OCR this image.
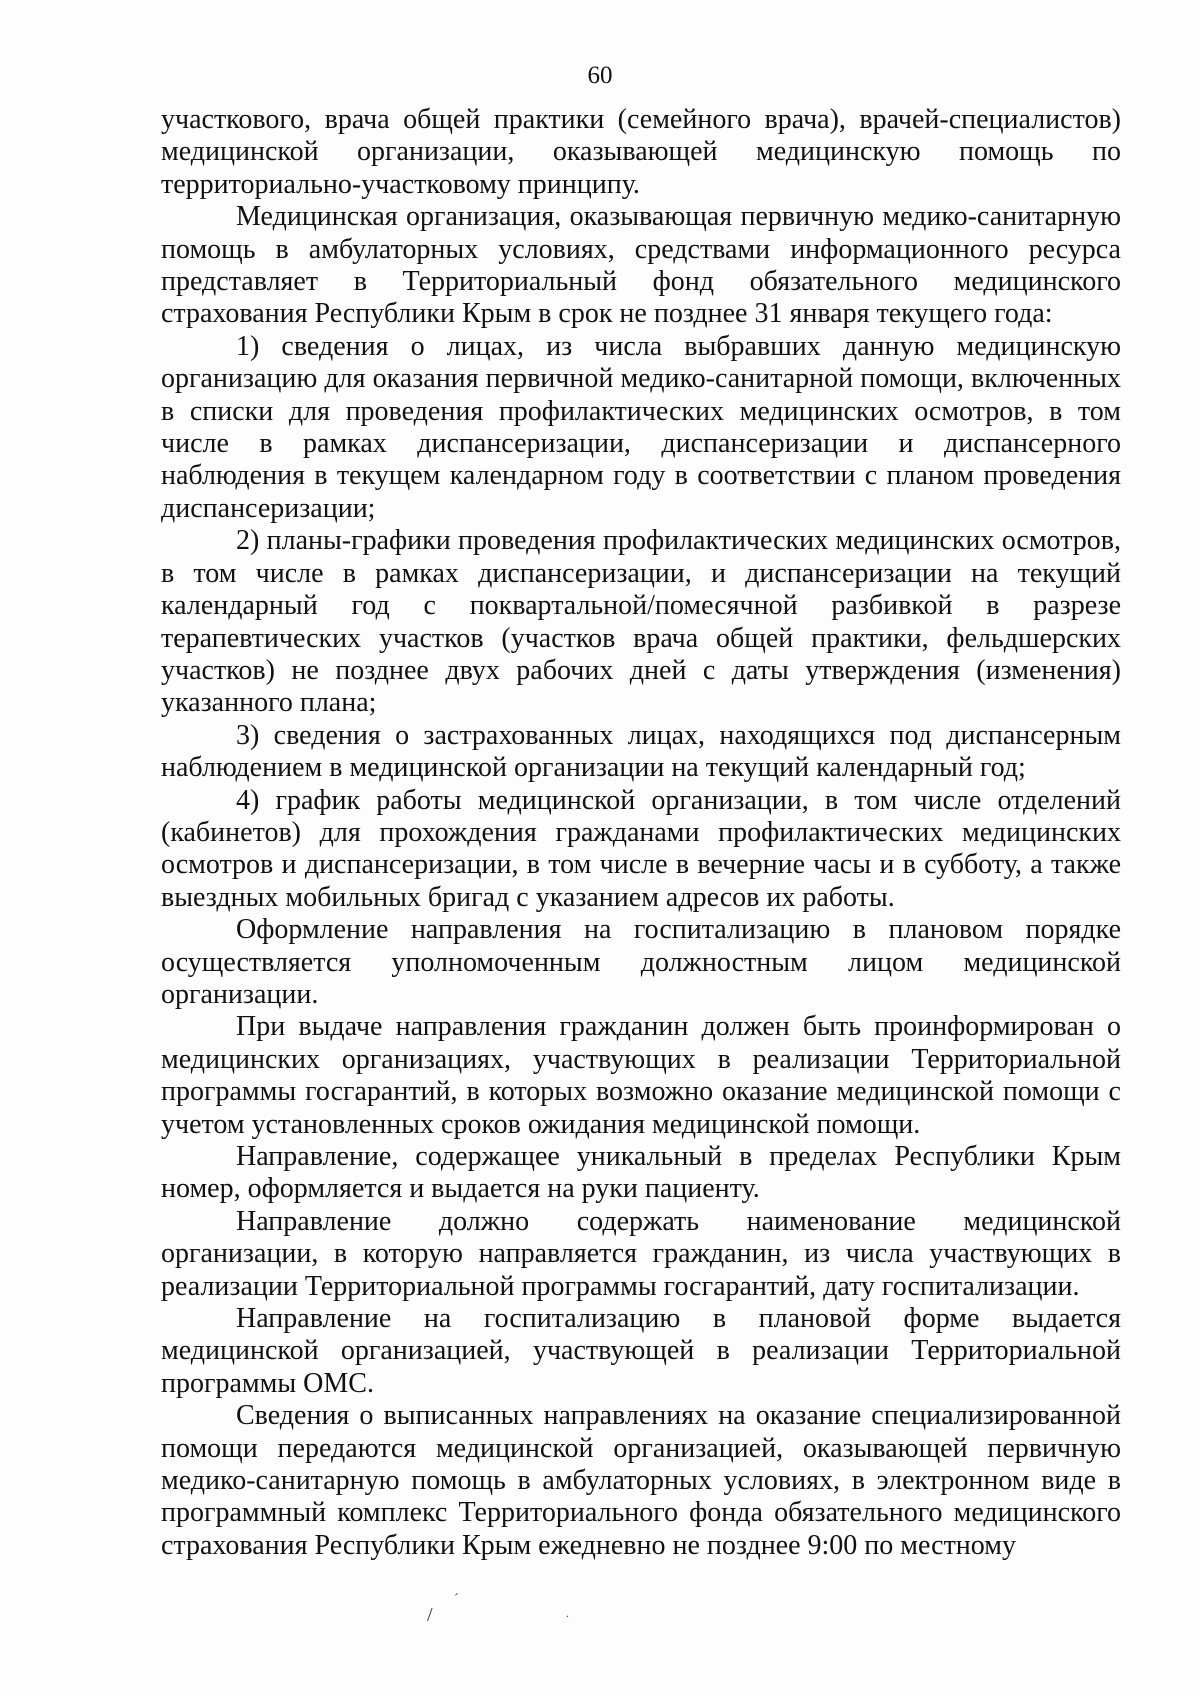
60

участкового, врача общей практики (семейного врача), врачей-специалистов) медицинской организации, оказывающей медицинскую помощь по территориально-участковому принципу.

Медицинская организация, оказывающая первичную медико-санитарную помощь в амбулаторных условиях, средствами информационного ресурса представляет в Территориальный фонд обязательного медицинского страхования Республики Крым в срок не позднее 31 января текущего года:

1) сведения о лицах, из числа выбравших данную медицинскую организацию для оказания первичной медико-санитарной помощи, включенных в списки для проведения профилактических медицинских осмотров, в том числе в рамках диспансеризации, диспансеризации и диспансерного наблюдения в текущем календарном году в соответствии с планом проведения диспансеризации;

2) планы-графики проведения профилактических медицинских осмотров, в том числе в рамках диспансеризации, и диспансеризации на текущий календарный год с поквартальной/помесячной разбивкой в разрезе терапевтических участков (участков врача общей практики, фельдшерских участков) не позднее двух рабочих дней с даты утверждения (изменения) указанного плана;

3) сведения о застрахованных лицах, находящихся под диспансерным наблюдением в медицинской организации на текущий календарный год;

4) график работы медицинской организации, в том числе отделений (кабинетов) для прохождения гражданами профилактических медицинских осмотров и диспансеризации, в том числе в вечерние часы и в субботу, а также выездных мобильных бригад с указанием адресов их работы.

Оформление направления на госпитализацию в плановом порядке осуществляется уполномоченным должностным лицом медицинской организации.

При выдаче направления гражданин должен быть проинформирован о медицинских организациях, участвующих в реализации Территориальной программы госгарантий, в которых возможно оказание медицинской помощи с учетом установленных сроков ожидания медицинской помощи.

Направление, содержащее уникальный в пределах Республики Крым номер, оформляется и выдается на руки пациенту.

Направление должно содержать наименование медицинской организации, в которую направляется гражданин, из числа участвующих в реализации Территориальной программы госгарантий, дату госпитализации.

Направление на госпитализацию в плановой форме выдается медицинской организацией, участвующей в реализации Территориальной программы ОМС.

Сведения о выписанных направлениях на оказание специализированной помощи передаются медицинской организацией, оказывающей первичную медико-санитарную помощь в амбулаторных условиях, в электронном виде в программный комплекс Территориального фонда обязательного медицинского страхования Республики Крым ежедневно не позднее 9:00 по местному

/
´
.
